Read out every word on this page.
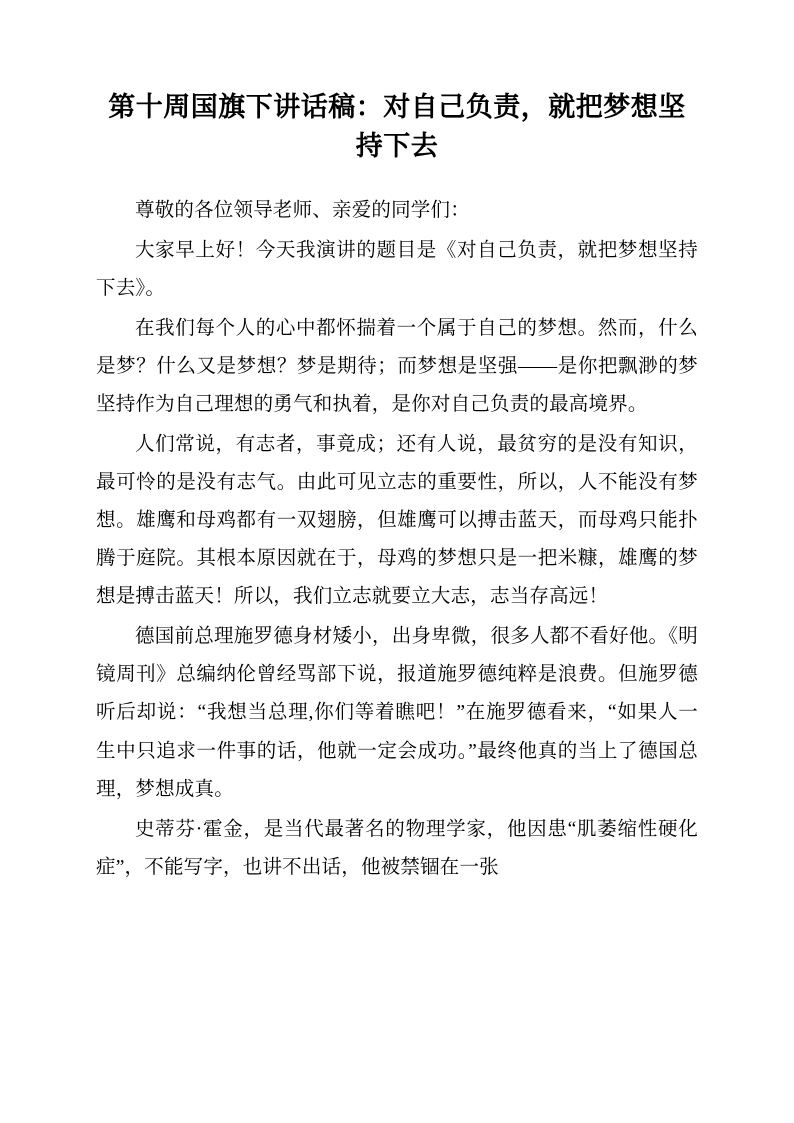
第十周国旗下讲话稿：对自己负责，就把梦想坚持下去

尊敬的各位领导老师、亲爱的同学们：

大家早上好！今天我演讲的题目是《对自己负责，就把梦想坚持下去》。

在我们每个人的心中都怀揣着一个属于自己的梦想。然而，什么是梦？什么又是梦想？梦是期待；而梦想是坚强——是你把飘渺的梦坚持作为自己理想的勇气和执着，是你对自己负责的最高境界。

人们常说，有志者，事竟成；还有人说，最贫穷的是没有知识，最可怜的是没有志气。由此可见立志的重要性，所以，人不能没有梦想。雄鹰和母鸡都有一双翅膀，但雄鹰可以搏击蓝天，而母鸡只能扑腾于庭院。其根本原因就在于，母鸡的梦想只是一把米糠，雄鹰的梦想是搏击蓝天！所以，我们立志就要立大志，志当存高远！

德国前总理施罗德身材矮小，出身卑微，很多人都不看好他。《明镜周刊》总编纳伦曾经骂部下说，报道施罗德纯粹是浪费。但施罗德听后却说：“我想当总理,你们等着瞧吧！”在施罗德看来，“如果人一生中只追求一件事的话，他就一定会成功。”最终他真的当上了德国总理，梦想成真。

史蒂芬·霍金，是当代最著名的物理学家，他因患“肌萎缩性硬化症”，不能写字，也讲不出话，他被禁锢在一张
